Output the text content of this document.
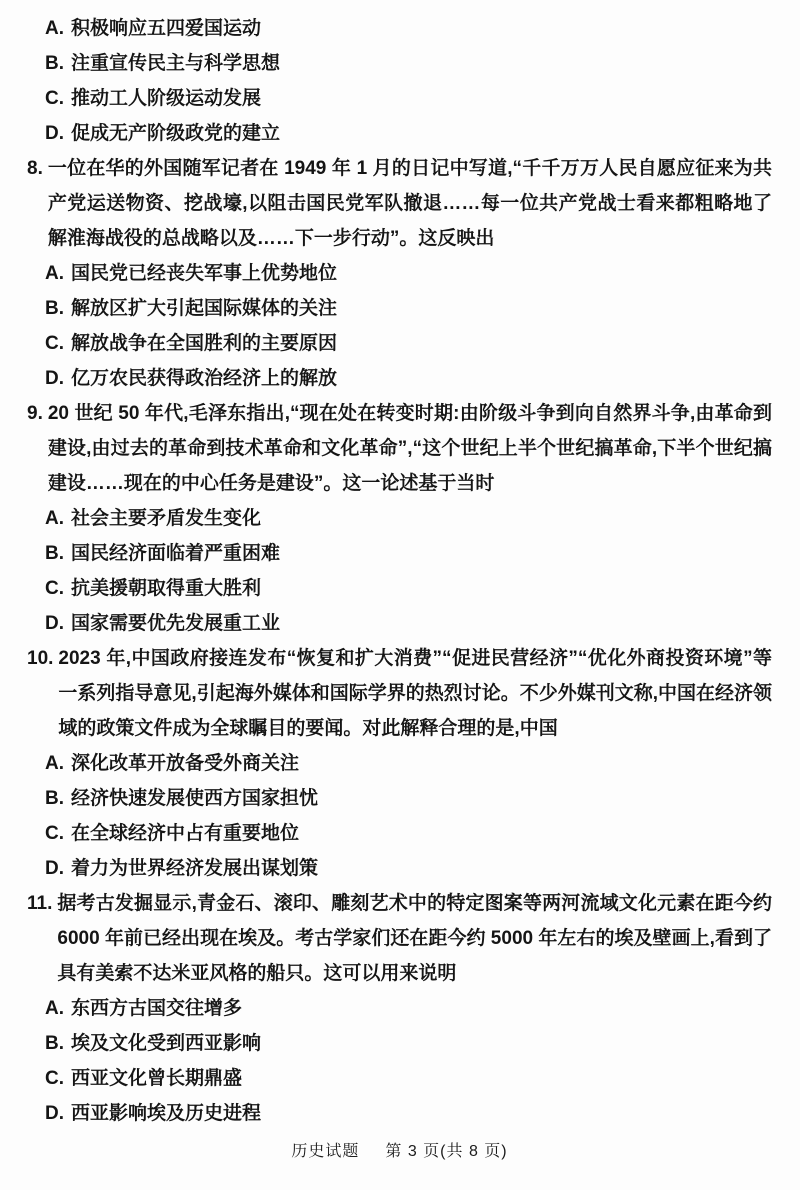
A. 积极响应五四爱国运动
B. 注重宣传民主与科学思想
C. 推动工人阶级运动发展
D. 促成无产阶级政党的建立
8. 一位在华的外国随军记者在 1949 年 1 月的日记中写道,“千千万万人民自愿应征来为共产党运送物资、挖战壕,以阻击国民党军队撤退……每一位共产党战士看来都粗略地了解淮海战役的总战略以及……下一步行动”。这反映出
A. 国民党已经丧失军事上优势地位
B. 解放区扩大引起国际媒体的关注
C. 解放战争在全国胜利的主要原因
D. 亿万农民获得政治经济上的解放
9. 20 世纪 50 年代,毛泽东指出,“现在处在转变时期:由阶级斗争到向自然界斗争,由革命到建设,由过去的革命到技术革命和文化革命”,“这个世纪上半个世纪搞革命,下半个世纪搞建设……现在的中心任务是建设”。这一论述基于当时
A. 社会主要矛盾发生变化
B. 国民经济面临着严重困难
C. 抗美援朝取得重大胜利
D. 国家需要优先发展重工业
10. 2023 年,中国政府接连发布“恢复和扩大消费”“促进民营经济”“优化外商投资环境”等一系列指导意见,引起海外媒体和国际学界的热烈讨论。不少外媒刊文称,中国在经济领域的政策文件成为全球瞩目的要闻。对此解释合理的是,中国
A. 深化改革开放备受外商关注
B. 经济快速发展使西方国家担忧
C. 在全球经济中占有重要地位
D. 着力为世界经济发展出谋划策
11. 据考古发掘显示,青金石、滚印、雕刻艺术中的特定图案等两河流域文化元素在距今约 6000 年前已经出现在埃及。考古学家们还在距今约 5000 年左右的埃及壁画上,看到了具有美索不达米亚风格的船只。这可以用来说明
A. 东西方古国交往增多
B. 埃及文化受到西亚影响
C. 西亚文化曾长期鼎盛
D. 西亚影响埃及历史进程
历史试题 第 3 页(共 8 页)
